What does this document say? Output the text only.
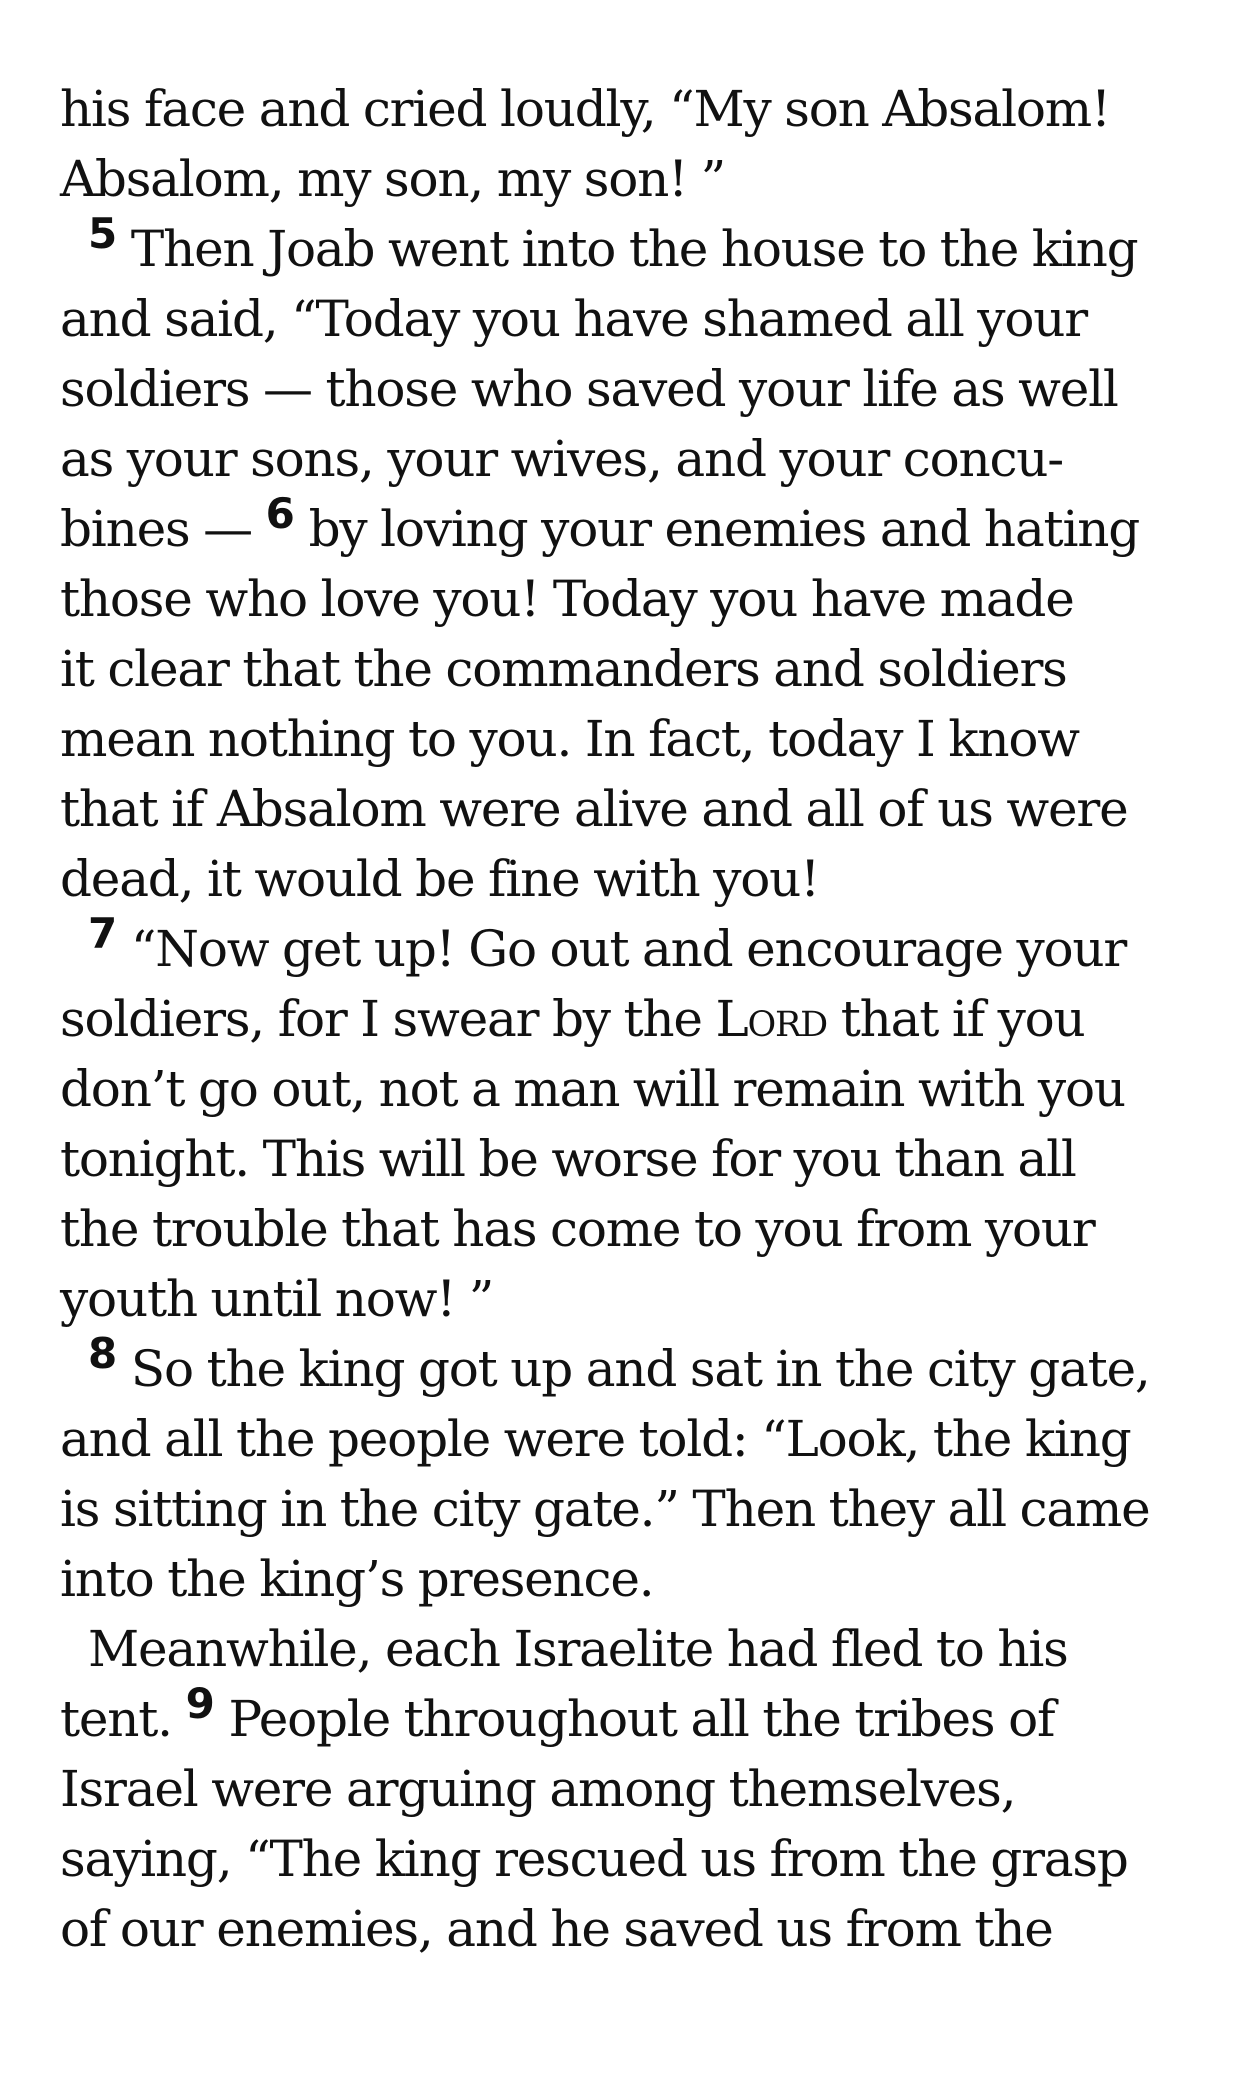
his face and cried loudly, “My son Absalom!
Absalom, my son, my son! ”
$^5$ Then Joab went into the house to the king
and said, “Today you have shamed all your
soldiers — those who saved your life as well
as your sons, your wives, and your concu-
bines — $^6$ by loving your enemies and hating
those who love you! Today you have made
it clear that the commanders and soldiers
mean nothing to you. In fact, today I know
that if Absalom were alive and all of us were
dead, it would be fine with you!
$^7$ “Now get up! Go out and encourage your
soldiers, for I swear by the Lord that if you
don’t go out, not a man will remain with you
tonight. This will be worse for you than all
the trouble that has come to you from your
youth until now! ”
$^8$ So the king got up and sat in the city gate,
and all the people were told: “Look, the king
is sitting in the city gate.” Then they all came
into the king’s presence.
Meanwhile, each Israelite had fled to his
tent. $^9$ People throughout all the tribes of
Israel were arguing among themselves,
saying, “The king rescued us from the grasp
of our enemies, and he saved us from the
